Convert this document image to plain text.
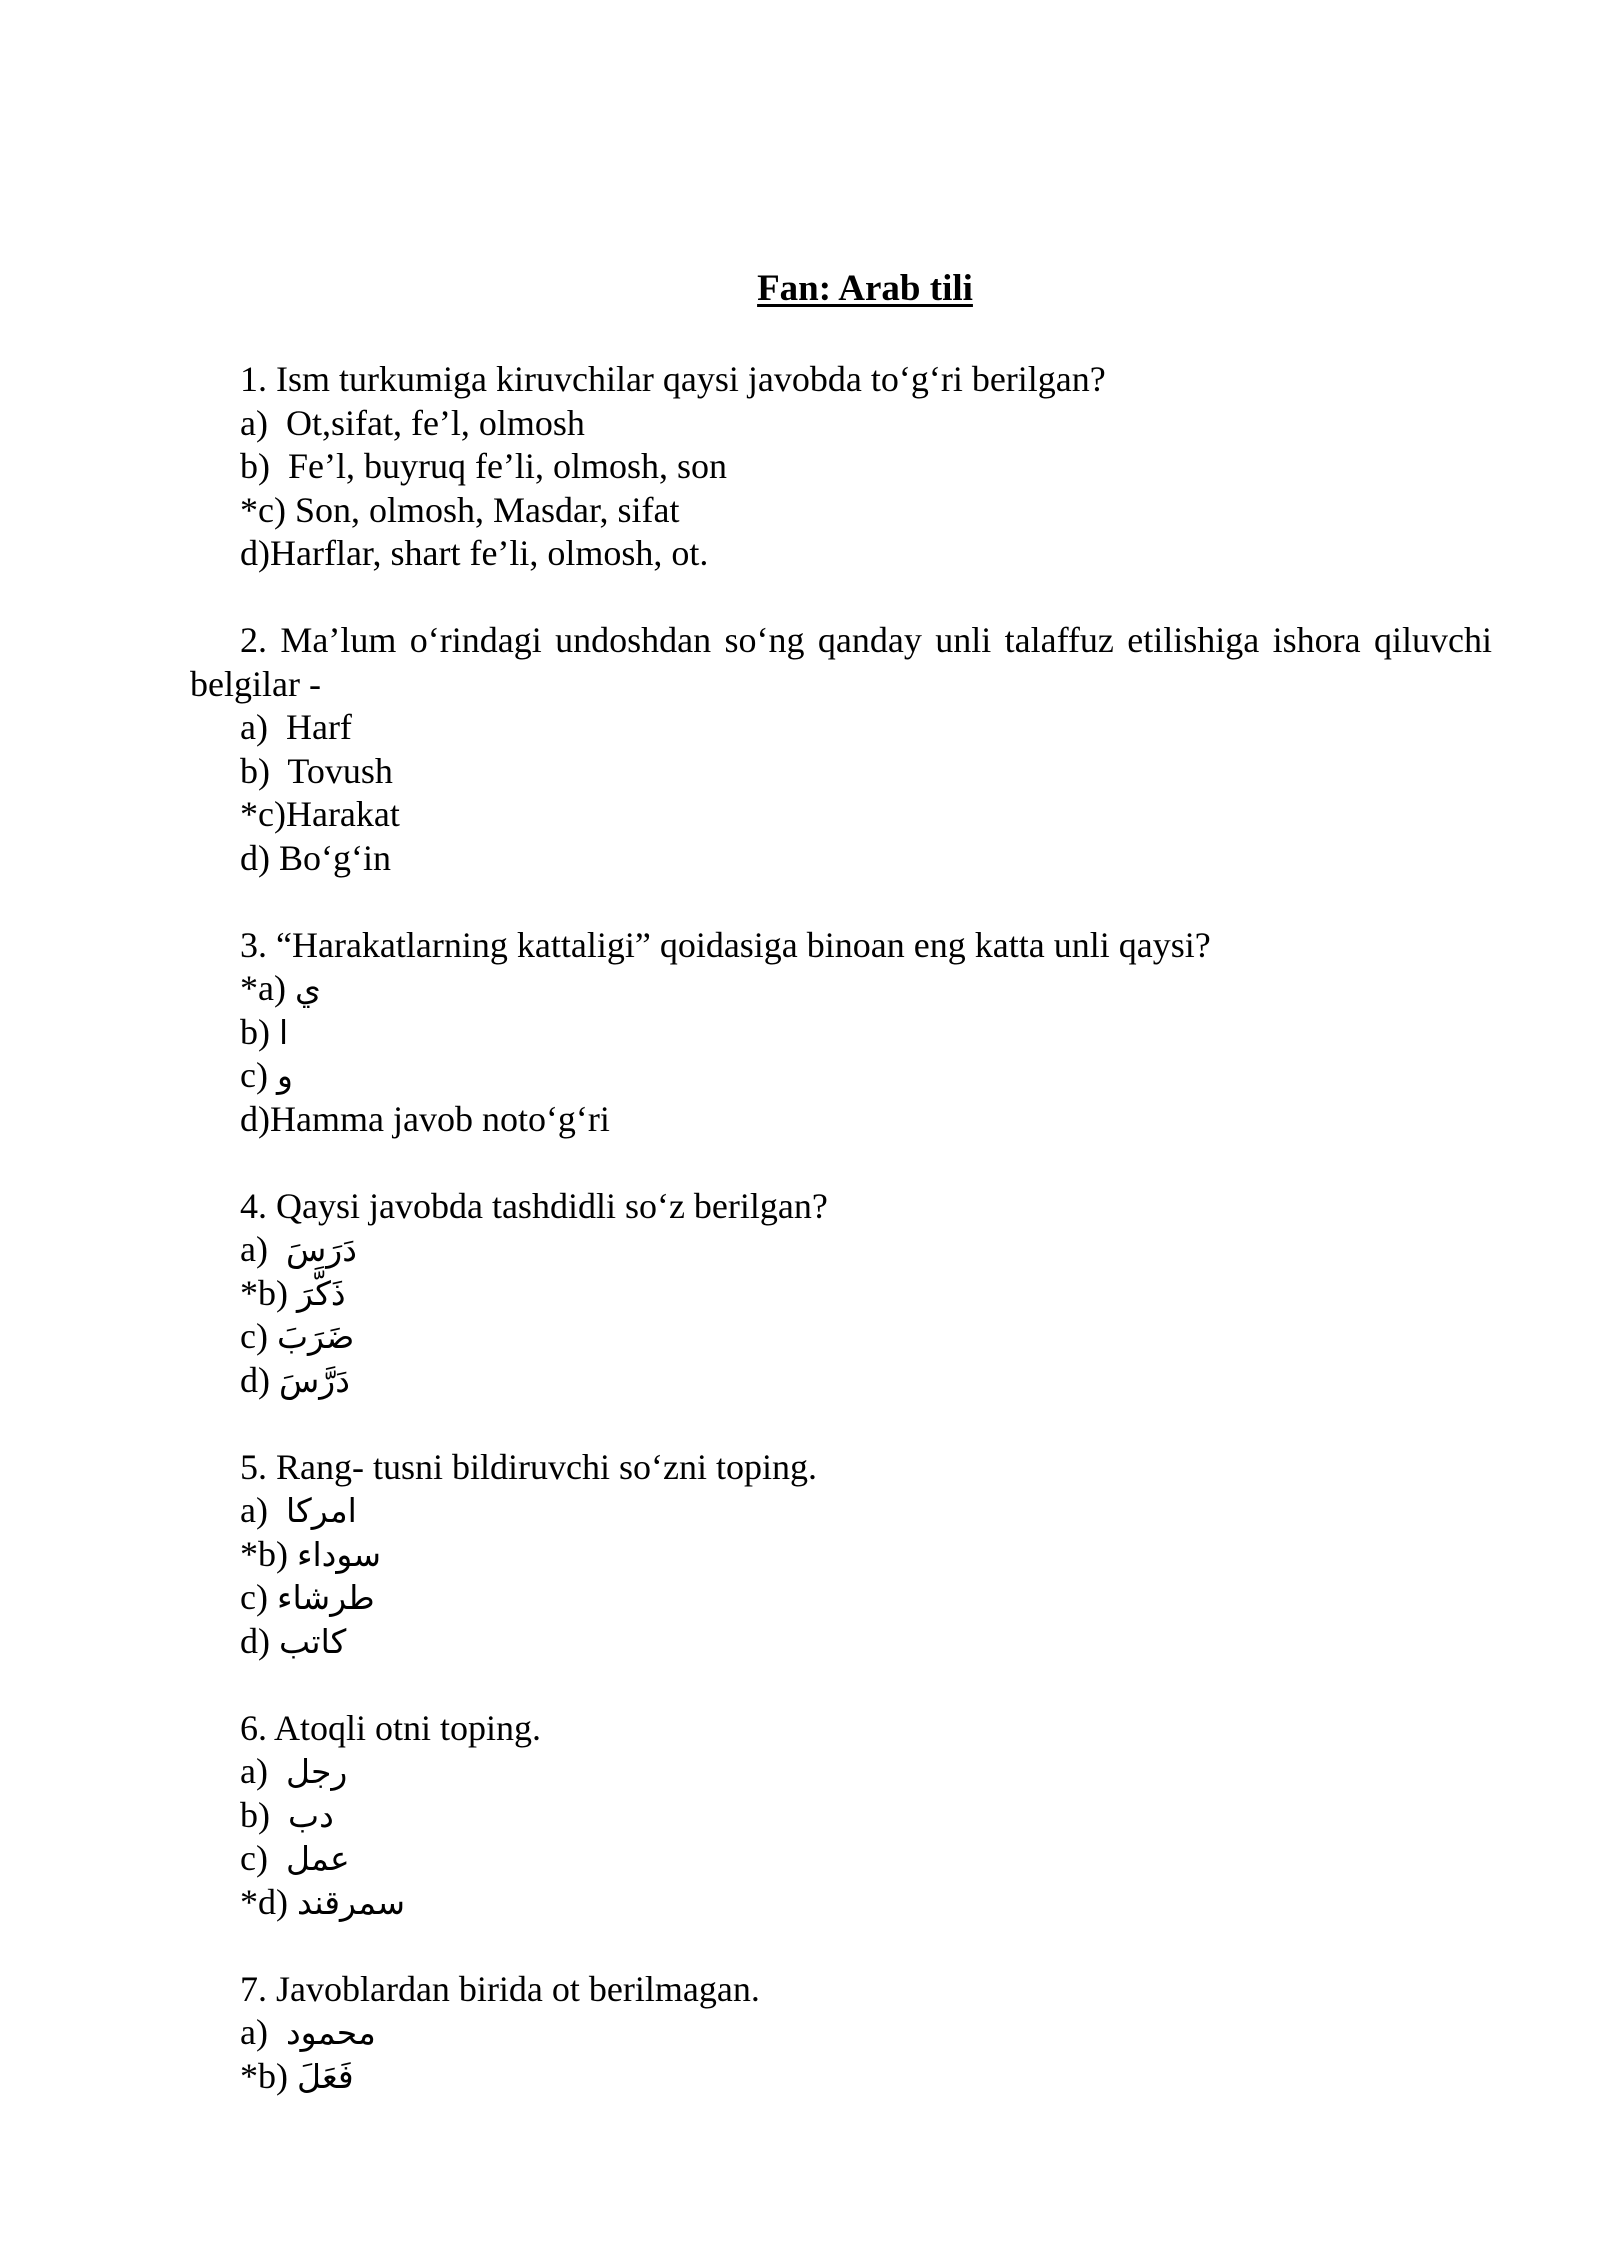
Fan: Arab tili
1. Ism turkumiga kiruvchilar qaysi javobda to‘g‘ri berilgan?
a)  Ot,sifat, fe’l, olmosh
b)  Fe’l, buyruq fe’li, olmosh, son
*c) Son, olmosh, Masdar, sifat
d)Harflar, shart fe’li, olmosh, ot.
2. Ma’lum o‘rindagi undoshdan so‘ng qanday unli talaffuz etilishiga ishora qiluvchi belgilar -
a)  Harf
b)  Tovush
*c)Harakat
d) Bo‘g‘in
3. “Harakatlarning kattaligi” qoidasiga binoan eng katta unli qaysi?
*a) ي
b) ا
c) و
d)Hamma javob noto‘g‘ri
4. Qaysi javobda tashdidli so‘z berilgan?
a)  دَرَسَ
*b) ذَكَّرَ
c) ضَرَبَ
d) دَرَّسَ
5. Rang- tusni bildiruvchi so‘zni toping.
a)  امركا
*b) سوداء
c) طرشاء
d) كاتب
6. Atoqli otni toping.
a)  رجل
b)  دب
c)  عمل
*d) سمرقند
7. Javoblardan birida ot berilmagan.
a)  محمود
*b) فَعَلَ
